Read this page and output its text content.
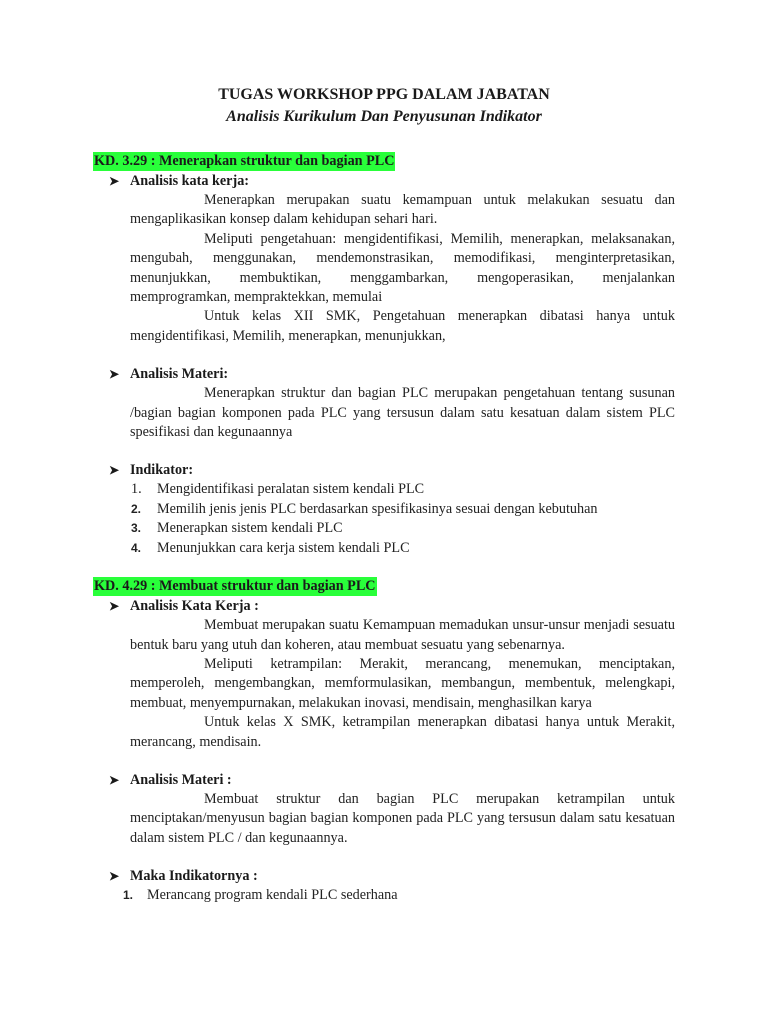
TUGAS WORKSHOP PPG DALAM JABATAN

Analisis Kurikulum Dan Penyusunan Indikator

KD. 3.29 : Menerapkan struktur dan bagian PLC

➤ Analisis kata kerja:

Menerapkan merupakan suatu kemampuan untuk melakukan sesuatu dan mengaplikasikan konsep dalam kehidupan sehari hari.

Meliputi pengetahuan: mengidentifikasi, Memilih, menerapkan, melaksanakan, mengubah, menggunakan, mendemonstrasikan, memodifikasi, menginterpretasikan, menunjukkan, membuktikan, menggambarkan, mengoperasikan, menjalankan memprogramkan, mempraktekkan, memulai

Untuk kelas XII SMK, Pengetahuan menerapkan dibatasi hanya untuk mengidentifikasi, Memilih, menerapkan, menunjukkan,

➤ Analisis Materi:

Menerapkan struktur dan bagian PLC merupakan pengetahuan tentang susunan /bagian bagian komponen pada PLC yang tersusun dalam satu kesatuan dalam sistem PLC spesifikasi dan kegunaannya

➤ Indikator:

1. Mengidentifikasi peralatan sistem kendali PLC
2. Memilih jenis jenis PLC berdasarkan spesifikasinya sesuai dengan kebutuhan
3. Menerapkan sistem kendali PLC
4. Menunjukkan cara kerja sistem kendali PLC

KD. 4.29 : Membuat struktur dan bagian PLC

➤ Analisis Kata Kerja :

Membuat merupakan suatu Kemampuan memadukan unsur-unsur menjadi sesuatu bentuk baru yang utuh dan koheren, atau membuat sesuatu yang sebenarnya.

Meliputi ketrampilan: Merakit, merancang, menemukan, menciptakan, memperoleh, mengembangkan, memformulasikan, membangun, membentuk, melengkapi, membuat, menyempurnakan, melakukan inovasi, mendisain, menghasilkan karya

Untuk kelas X SMK, ketrampilan menerapkan dibatasi hanya untuk Merakit, merancang, mendisain.

➤ Analisis Materi :

Membuat struktur dan bagian PLC merupakan ketrampilan untuk menciptakan/menyusun bagian bagian komponen pada PLC yang tersusun dalam satu kesatuan dalam sistem PLC / dan kegunaannya.

➤ Maka Indikatornya :

1. Merancang program kendali PLC sederhana
